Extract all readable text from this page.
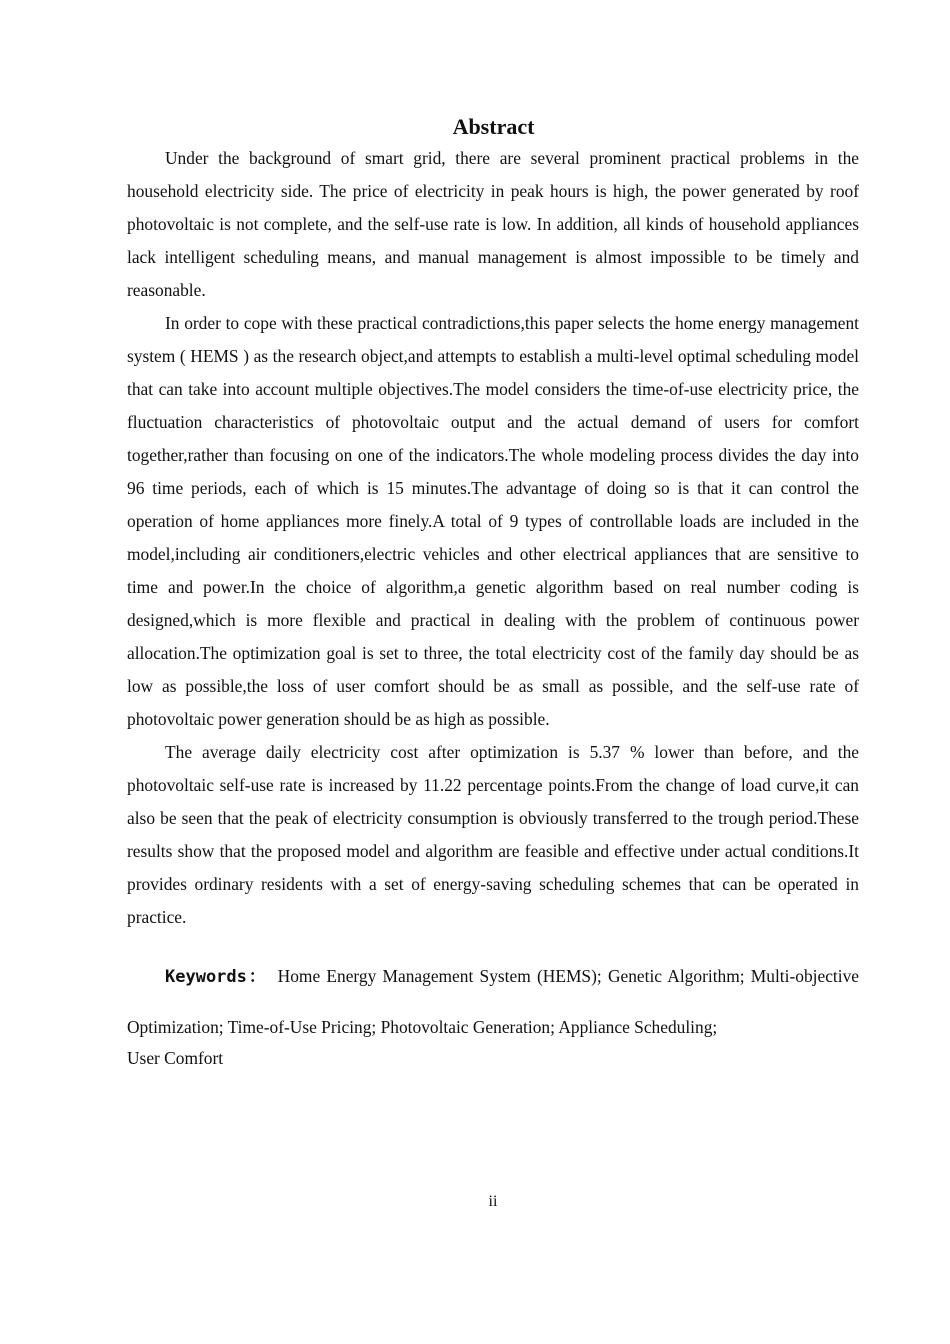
Abstract

Under the background of smart grid, there are several prominent practical problems in the household electricity side. The price of electricity in peak hours is high, the power generated by roof photovoltaic is not complete, and the self-use rate is low. In addition, all kinds of household appliances lack intelligent scheduling means, and manual management is almost impossible to be timely and reasonable.

In order to cope with these practical contradictions,this paper selects the home energy management system ( HEMS ) as the research object,and attempts to establish a multi-level optimal scheduling model that can take into account multiple objectives.The model considers the time-of-use electricity price, the fluctuation characteristics of photovoltaic output and the actual demand of users for comfort together,rather than focusing on one of the indicators.The whole modeling process divides the day into 96 time periods, each of which is 15 minutes.The advantage of doing so is that it can control the operation of home appliances more finely.A total of 9 types of controllable loads are included in the model,including air conditioners,electric vehicles and other electrical appliances that are sensitive to time and power.In the choice of algorithm,a genetic algorithm based on real number coding is designed,which is more flexible and practical in dealing with the problem of continuous power allocation.The optimization goal is set to three, the total electricity cost of the family day should be as low as possible,the loss of user comfort should be as small as possible, and the self-use rate of photovoltaic power generation should be as high as possible.

The average daily electricity cost after optimization is 5.37 % lower than before, and the photovoltaic self-use rate is increased by 11.22 percentage points.From the change of load curve,it can also be seen that the peak of electricity consumption is obviously transferred to the trough period.These results show that the proposed model and algorithm are feasible and effective under actual conditions.It provides ordinary residents with a set of energy-saving scheduling schemes that can be operated in practice.

Keywords： Home Energy Management System (HEMS); Genetic Algorithm; Multi-objective Optimization; Time-of-Use Pricing; Photovoltaic Generation; Appliance Scheduling;
User Comfort

ii
